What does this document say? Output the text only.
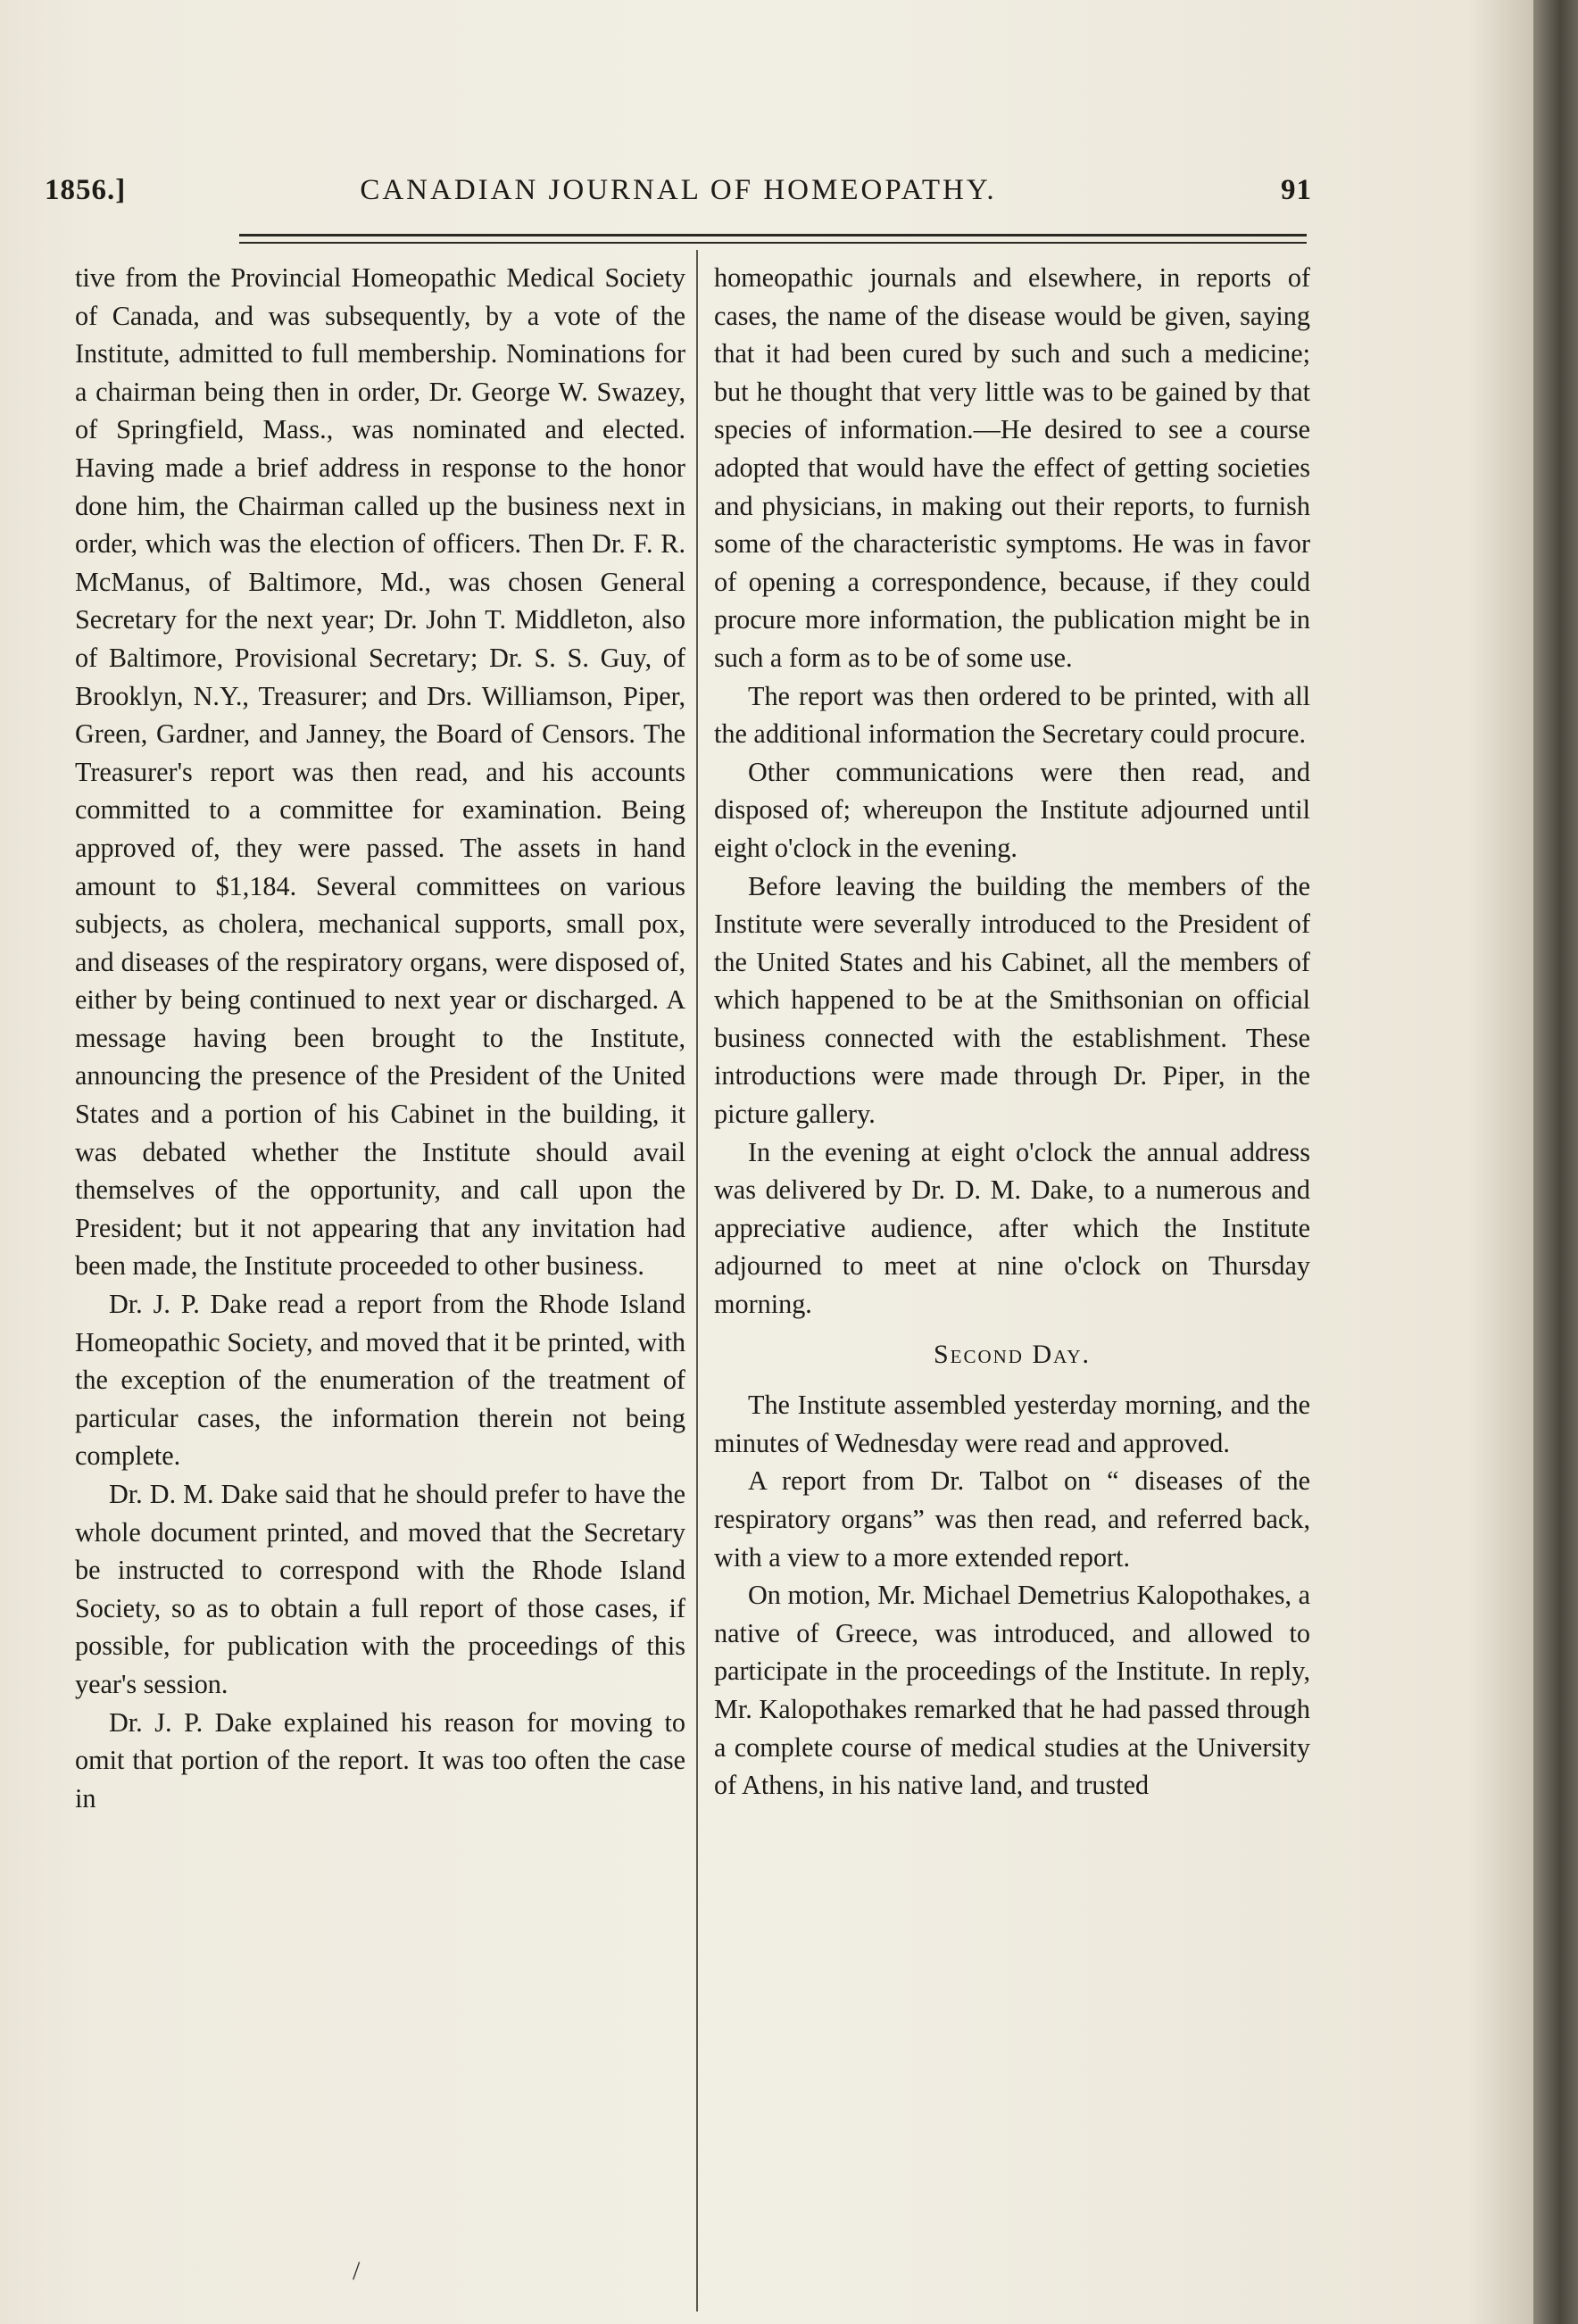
1856.]	CANADIAN JOURNAL OF HOMEOPATHY.	91

tive from the Provincial Homeopathic Medical Society of Canada, and was subsequently, by a vote of the Institute, admitted to full membership. Nominations for a chairman being then in order, Dr. George W. Swazey, of Springfield, Mass., was nominated and elected. Having made a brief address in response to the honor done him, the Chairman called up the business next in order, which was the election of officers. Then Dr. F. R. McManus, of Baltimore, Md., was chosen General Secretary for the next year; Dr. John T. Middleton, also of Baltimore, Provisional Secretary; Dr. S. S. Guy, of Brooklyn, N.Y., Treasurer; and Drs. Williamson, Piper, Green, Gardner, and Janney, the Board of Censors. The Treasurer's report was then read, and his accounts committed to a committee for examination. Being approved of, they were passed. The assets in hand amount to $1,184. Several committees on various subjects, as cholera, mechanical supports, small pox, and diseases of the respiratory organs, were disposed of, either by being continued to next year or discharged. A message having been brought to the Institute, announcing the presence of the President of the United States and a portion of his Cabinet in the building, it was debated whether the Institute should avail themselves of the opportunity, and call upon the President; but it not appearing that any invitation had been made, the Institute proceeded to other business.

Dr. J. P. Dake read a report from the Rhode Island Homeopathic Society, and moved that it be printed, with the exception of the enumeration of the treatment of particular cases, the information therein not being complete.

Dr. D. M. Dake said that he should prefer to have the whole document printed, and moved that the Secretary be instructed to correspond with the Rhode Island Society, so as to obtain a full report of those cases, if possible, for publication with the proceedings of this year's session.

Dr. J. P. Dake explained his reason for moving to omit that portion of the report. It was too often the case in

homeopathic journals and elsewhere, in reports of cases, the name of the disease would be given, saying that it had been cured by such and such a medicine; but he thought that very little was to be gained by that species of information.—He desired to see a course adopted that would have the effect of getting societies and physicians, in making out their reports, to furnish some of the characteristic symptoms. He was in favor of opening a correspondence, because, if they could procure more information, the publication might be in such a form as to be of some use.

The report was then ordered to be printed, with all the additional information the Secretary could procure.

Other communications were then read, and disposed of; whereupon the Institute adjourned until eight o'clock in the evening.

Before leaving the building the members of the Institute were severally introduced to the President of the United States and his Cabinet, all the members of which happened to be at the Smithsonian on official business connected with the establishment. These introductions were made through Dr. Piper, in the picture gallery.

In the evening at eight o'clock the annual address was delivered by Dr. D. M. Dake, to a numerous and appreciative audience, after which the Institute adjourned to meet at nine o'clock on Thursday morning.

Second Day.

The Institute assembled yesterday morning, and the minutes of Wednesday were read and approved.

A report from Dr. Talbot on “ diseases of the respiratory organs” was then read, and referred back, with a view to a more extended report.

On motion, Mr. Michael Demetrius Kalopothakes, a native of Greece, was introduced, and allowed to participate in the proceedings of the Institute. In reply, Mr. Kalopothakes remarked that he had passed through a complete course of medical studies at the University of Athens, in his native land, and trusted

/
